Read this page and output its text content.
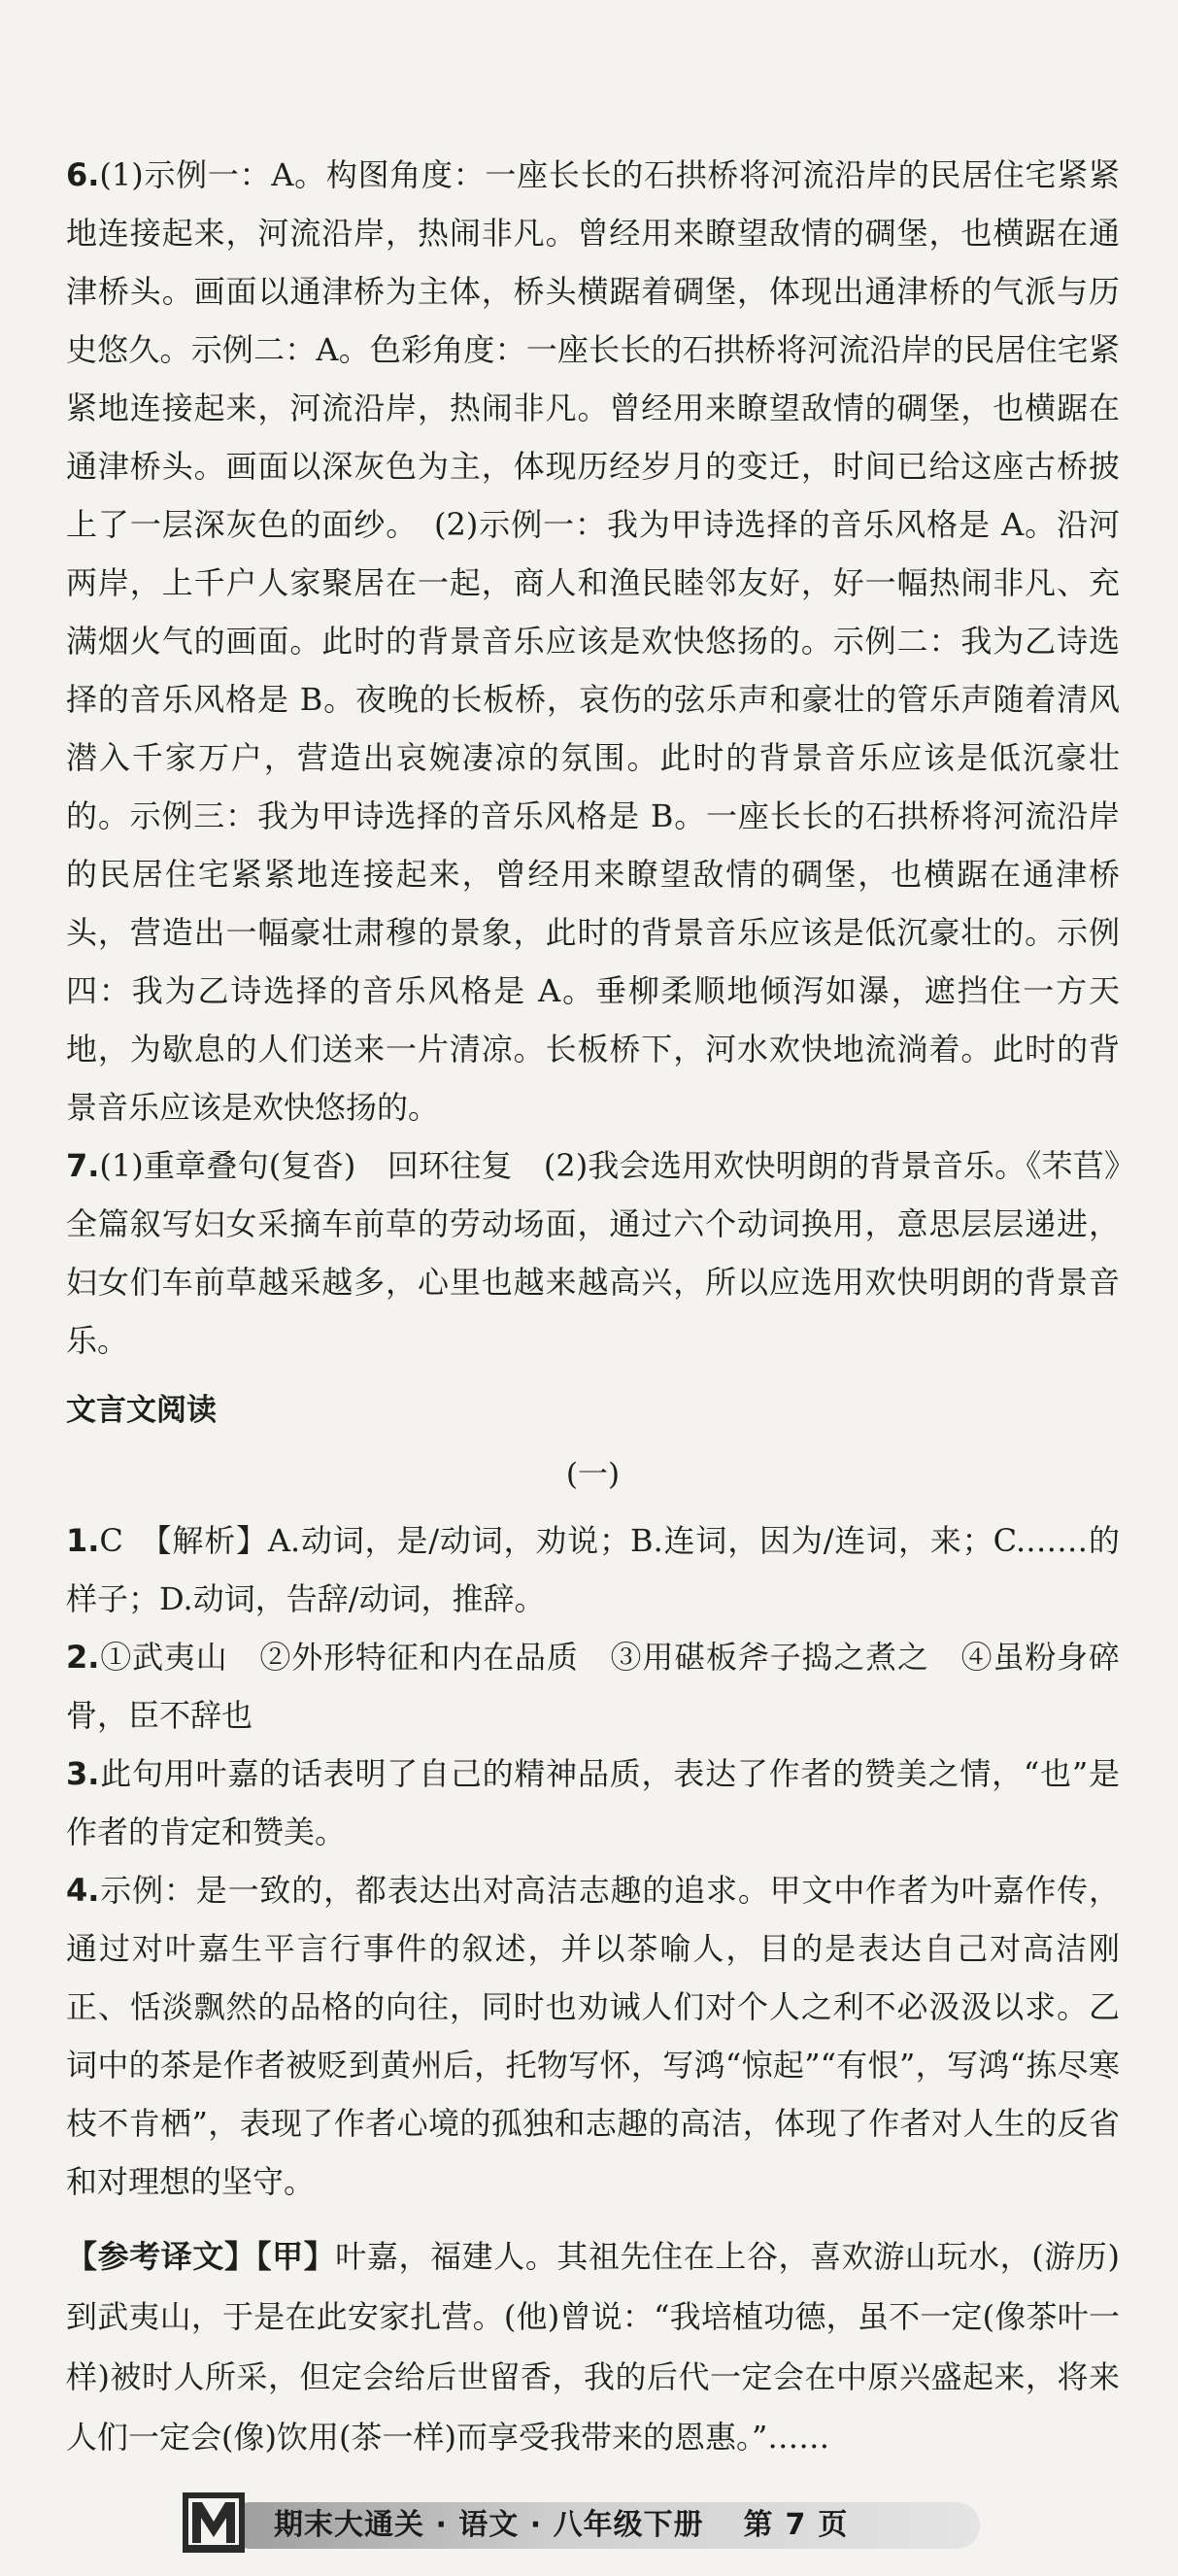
6.(1)示例一：A。构图角度：一座长长的石拱桥将河流沿岸的民居住宅紧紧地连接起来，河流沿岸，热闹非凡。曾经用来瞭望敌情的碉堡，也横踞在通津桥头。画面以通津桥为主体，桥头横踞着碉堡，体现出通津桥的气派与历史悠久。示例二：A。色彩角度：一座长长的石拱桥将河流沿岸的民居住宅紧紧地连接起来，河流沿岸，热闹非凡。曾经用来瞭望敌情的碉堡，也横踞在通津桥头。画面以深灰色为主，体现历经岁月的变迁，时间已给这座古桥披上了一层深灰色的面纱。　(2)示例一：我为甲诗选择的音乐风格是 A。沿河两岸，上千户人家聚居在一起，商人和渔民睦邻友好，好一幅热闹非凡、充满烟火气的画面。此时的背景音乐应该是欢快悠扬的。示例二：我为乙诗选择的音乐风格是 B。夜晚的长板桥，哀伤的弦乐声和豪壮的管乐声随着清风潜入千家万户，营造出哀婉凄凉的氛围。此时的背景音乐应该是低沉豪壮的。示例三：我为甲诗选择的音乐风格是 B。一座长长的石拱桥将河流沿岸的民居住宅紧紧地连接起来，曾经用来瞭望敌情的碉堡，也横踞在通津桥头，营造出一幅豪壮肃穆的景象，此时的背景音乐应该是低沉豪壮的。示例四：我为乙诗选择的音乐风格是 A。垂柳柔顺地倾泻如瀑，遮挡住一方天地，为歇息的人们送来一片清凉。长板桥下，河水欢快地流淌着。此时的背景音乐应该是欢快悠扬的。

7.(1)重章叠句(复沓)　回环往复　(2)我会选用欢快明朗的背景音乐。《芣苢》全篇叙写妇女采摘车前草的劳动场面，通过六个动词换用，意思层层递进，妇女们车前草越采越多，心里也越来越高兴，所以应选用欢快明朗的背景音乐。

文言文阅读
(一)

1.C　【解析】A.动词，是/动词，劝说；B.连词，因为/连词，来；C.……的样子；D.动词，告辞/动词，推辞。

2.①武夷山　②外形特征和内在品质　③用碪板斧子捣之煮之　④虽粉身碎骨，臣不辞也

3.此句用叶嘉的话表明了自己的精神品质，表达了作者的赞美之情，“也”是作者的肯定和赞美。

4.示例：是一致的，都表达出对高洁志趣的追求。甲文中作者为叶嘉作传，通过对叶嘉生平言行事件的叙述，并以茶喻人，目的是表达自己对高洁刚正、恬淡飘然的品格的向往，同时也劝诫人们对个人之利不必汲汲以求。乙词中的茶是作者被贬到黄州后，托物写怀，写鸿“惊起”“有恨”，写鸿“拣尽寒枝不肯栖”，表现了作者心境的孤独和志趣的高洁，体现了作者对人生的反省和对理想的坚守。

【参考译文】【甲】叶嘉，福建人。其祖先住在上谷，喜欢游山玩水，(游历)到武夷山，于是在此安家扎营。(他)曾说：“我培植功德，虽不一定(像茶叶一样)被时人所采，但定会给后世留香，我的后代一定会在中原兴盛起来，将来人们一定会(像)饮用(茶一样)而享受我带来的恩惠。”……

期末大通关 · 语文 · 八年级下册 第 7 页
